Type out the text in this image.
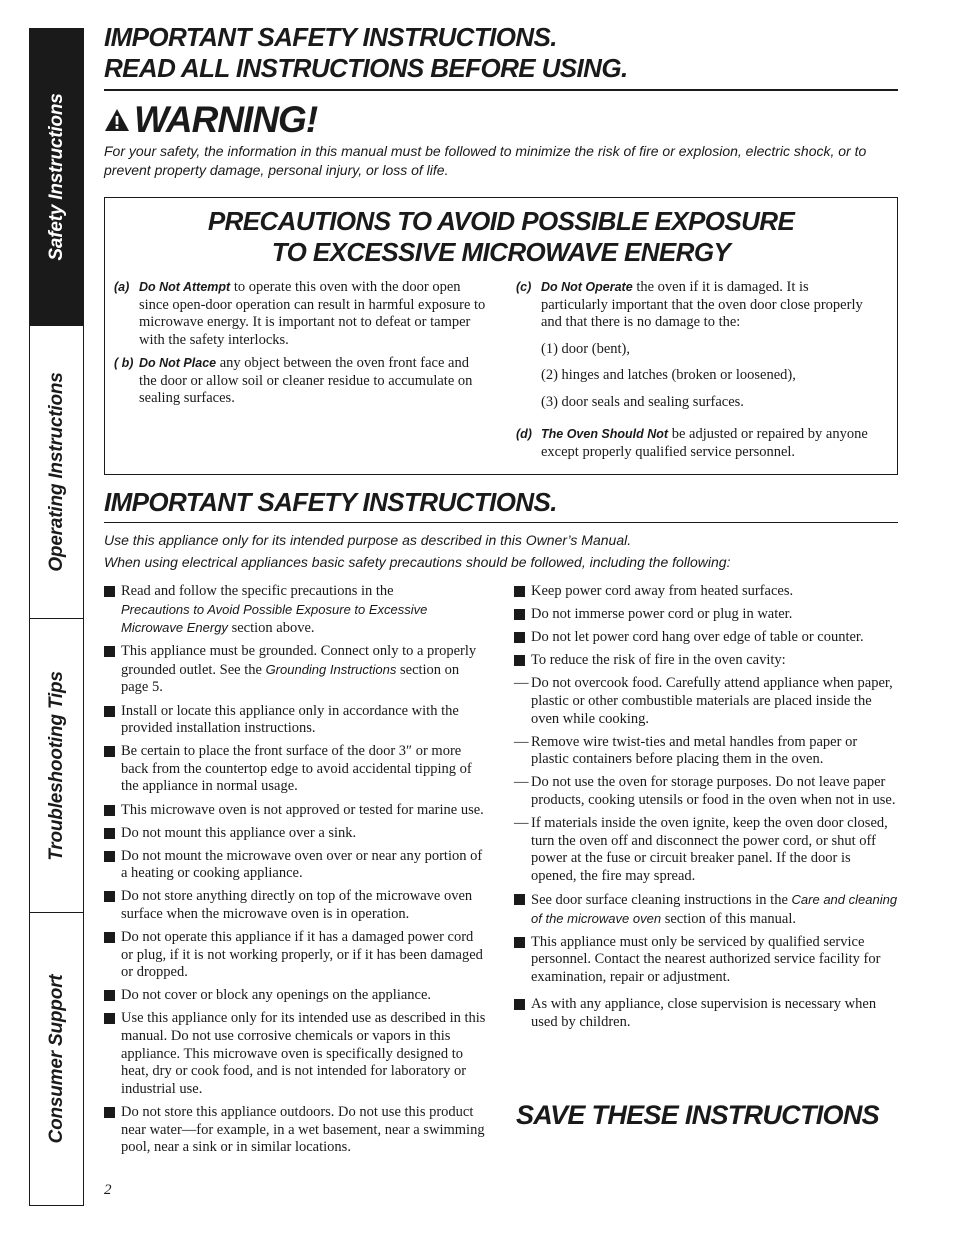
Safety Instructions
Operating Instructions
Troubleshooting Tips
Consumer Support
IMPORTANT SAFETY INSTRUCTIONS.
READ ALL INSTRUCTIONS BEFORE USING.
WARNING!

For your safety, the information in this manual must be followed to minimize the risk of fire or explosion, electric shock, or to prevent property damage, personal injury, or loss of life.

PRECAUTIONS TO AVOID POSSIBLE EXPOSURE
TO EXCESSIVE MICROWAVE ENERGY
(a) Do Not Attempt to operate this oven with the door open since open-door operation can result in harmful exposure to microwave energy. It is important not to defeat or tamper with the safety interlocks.
( b) Do Not Place any object between the oven front face and the door or allow soil or cleaner residue to accumulate on sealing surfaces.
(c) Do Not Operate the oven if it is damaged. It is particularly important that the oven door close properly and that there is no damage to the:
(1) door (bent),
(2) hinges and latches (broken or loosened),
(3) door seals and sealing surfaces.
(d) The Oven Should Not be adjusted or repaired by anyone except properly qualified service personnel.
IMPORTANT SAFETY INSTRUCTIONS.

Use this appliance only for its intended purpose as described in this Owner’s Manual.
When using electrical appliances basic safety precautions should be followed, including the following:

Read and follow the specific precautions in the
Precautions to Avoid Possible Exposure to Excessive Microwave Energy section above.
This appliance must be grounded. Connect only to a properly grounded outlet. See the Grounding Instructions section on page 5.
Install or locate this appliance only in accordance with the provided installation instructions.
Be certain to place the front surface of the door 3″ or more back from the countertop edge to avoid accidental tipping of the appliance in normal usage.
This microwave oven is not approved or tested for marine use.
Do not mount this appliance over a sink.
Do not mount the microwave oven over or near any portion of a heating or cooking appliance.
Do not store anything directly on top of the microwave oven surface when the microwave oven is in operation.
Do not operate this appliance if it has a damaged power cord or plug, if it is not working properly, or if it has been damaged or dropped.
Do not cover or block any openings on the appliance.
Use this appliance only for its intended use as described in this manual. Do not use corrosive chemicals or vapors in this appliance. This microwave oven is specifically designed to heat, dry or cook food, and is not intended for laboratory or industrial use.
Do not store this appliance outdoors. Do not use this product near water—for example, in a wet basement, near a swimming pool, near a sink or in similar locations.
Keep power cord away from heated surfaces.
Do not immerse power cord or plug in water.
Do not let power cord hang over edge of table or counter.
To reduce the risk of fire in the oven cavity:
— Do not overcook food. Carefully attend appliance when paper, plastic or other combustible materials are placed inside the oven while cooking.
— Remove wire twist-ties and metal handles from paper or plastic containers before placing them in the oven.
— Do not use the oven for storage purposes. Do not leave paper products, cooking utensils or food in the oven when not in use.
— If materials inside the oven ignite, keep the oven door closed, turn the oven off and disconnect the power cord, or shut off power at the fuse or circuit breaker panel. If the door is opened, the fire may spread.
See door surface cleaning instructions in the Care and cleaning of the microwave oven section of this manual.
This appliance must only be serviced by qualified service personnel. Contact the nearest authorized service facility for examination, repair or adjustment.
As with any appliance, close supervision is necessary when used by children.
SAVE THESE INSTRUCTIONS
2
